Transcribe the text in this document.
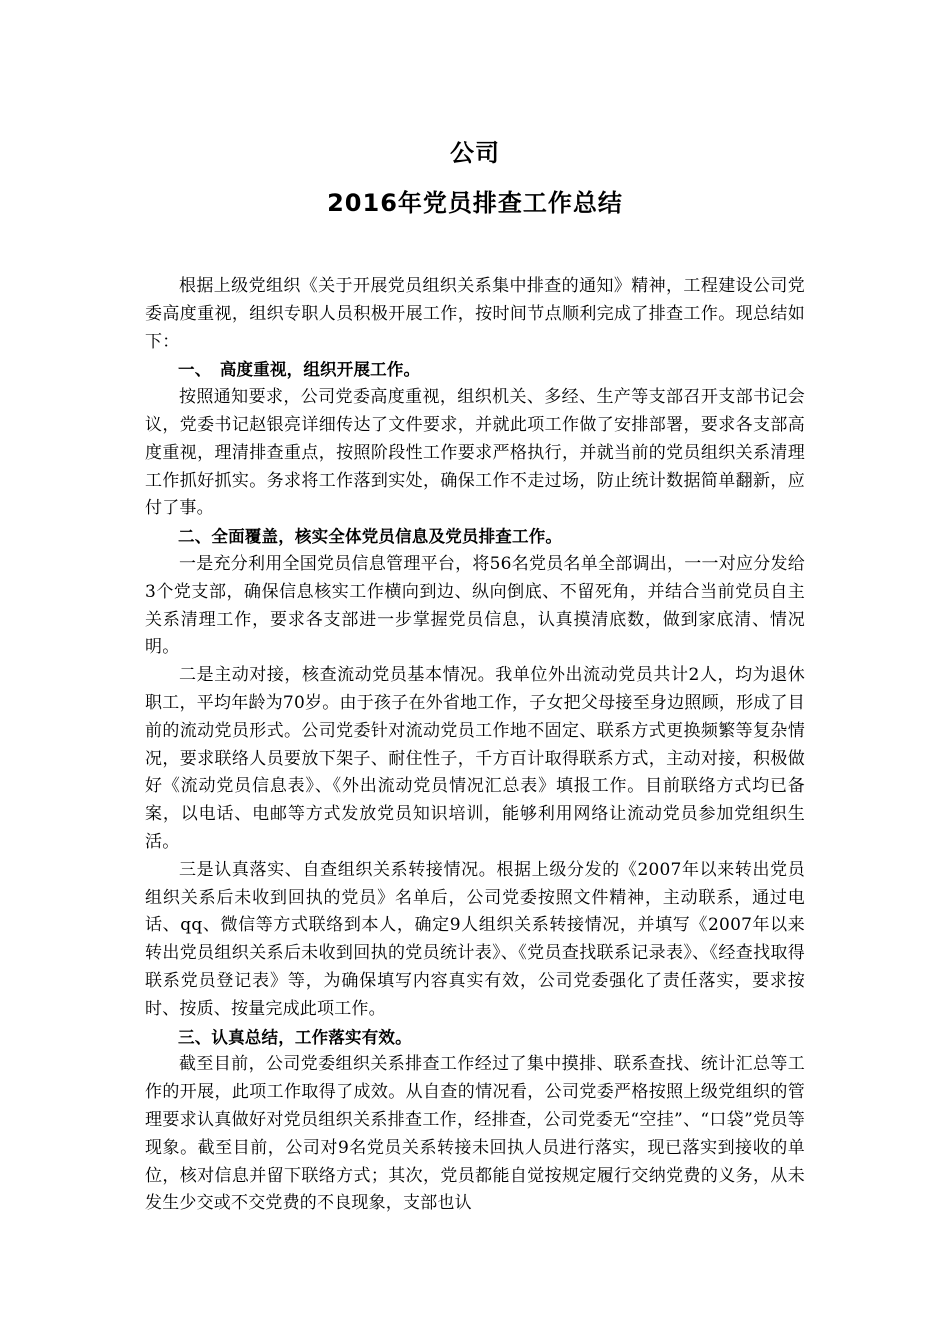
公司
2016年党员排查工作总结

根据上级党组织《关于开展党员组织关系集中排查的通知》精神，工程建设公司党委高度重视，组织专职人员积极开展工作，按时间节点顺利完成了排查工作。现总结如下：

一、　高度重视，组织开展工作。

按照通知要求，公司党委高度重视，组织机关、多经、生产等支部召开支部书记会议，党委书记赵银亮详细传达了文件要求，并就此项工作做了安排部署，要求各支部高度重视，理清排查重点，按照阶段性工作要求严格执行，并就当前的党员组织关系清理工作抓好抓实。务求将工作落到实处，确保工作不走过场，防止统计数据简单翻新，应付了事。

二、全面覆盖，核实全体党员信息及党员排查工作。

一是充分利用全国党员信息管理平台，将56名党员名单全部调出，一一对应分发给3个党支部，确保信息核实工作横向到边、纵向倒底、不留死角，并结合当前党员自主关系清理工作，要求各支部进一步掌握党员信息，认真摸清底数，做到家底清、情况明。

二是主动对接，核查流动党员基本情况。我单位外出流动党员共计2人，均为退休职工，平均年龄为70岁。由于孩子在外省地工作，子女把父母接至身边照顾，形成了目前的流动党员形式。公司党委针对流动党员工作地不固定、联系方式更换频繁等复杂情况，要求联络人员要放下架子、耐住性子，千方百计取得联系方式，主动对接，积极做好《流动党员信息表》、《外出流动党员情况汇总表》填报工作。目前联络方式均已备案，以电话、电邮等方式发放党员知识培训，能够利用网络让流动党员参加党组织生活。

三是认真落实、自查组织关系转接情况。根据上级分发的《2007年以来转出党员组织关系后未收到回执的党员》名单后，公司党委按照文件精神，主动联系，通过电话、qq、微信等方式联络到本人，确定9人组织关系转接情况，并填写《2007年以来转出党员组织关系后未收到回执的党员统计表》、《党员查找联系记录表》、《经查找取得联系党员登记表》等，为确保填写内容真实有效，公司党委强化了责任落实，要求按时、按质、按量完成此项工作。

三、认真总结，工作落实有效。

截至目前，公司党委组织关系排查工作经过了集中摸排、联系查找、统计汇总等工作的开展，此项工作取得了成效。从自查的情况看，公司党委严格按照上级党组织的管理要求认真做好对党员组织关系排查工作，经排查，公司党委无“空挂”、“口袋”党员等现象。截至目前，公司对9名党员关系转接未回执人员进行落实，现已落实到接收的单位，核对信息并留下联络方式；其次，党员都能自觉按规定履行交纳党费的义务，从未发生少交或不交党费的不良现象，支部也认
